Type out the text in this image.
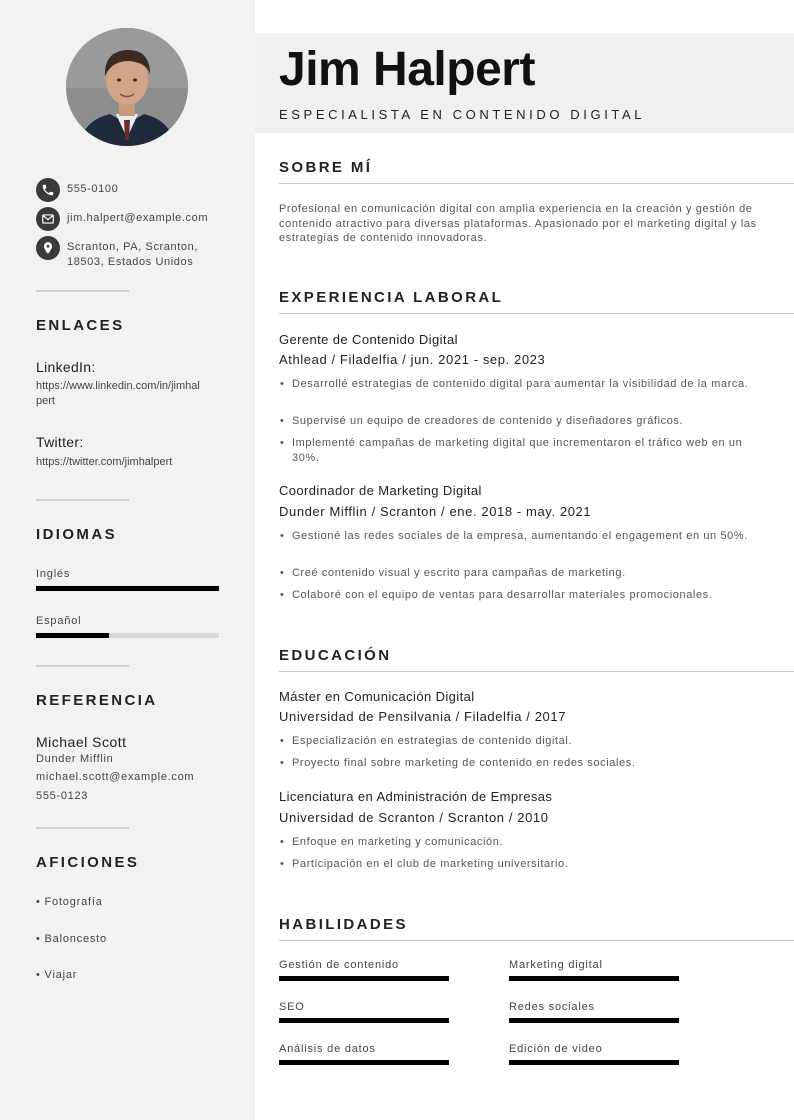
555-0100
jim.halpert@example.com
Scranton, PA, Scranton,
18503, Estados Unidos
ENLACES
LinkedIn:
https://www.linkedin.com/in/jimhal
pert
Twitter:
https://twitter.com/jimhalpert
IDIOMAS
Inglés
Español
REFERENCIA
Michael Scott
Dunder Mifflin
michael.scott@example.com
555-0123
AFICIONES
• Fotografía
• Baloncesto
• Viajar
Jim Halpert
ESPECIALISTA EN CONTENIDO DIGITAL
SOBRE MÍ
Profesional en comunicación digital con amplia experiencia en la creación y gestión de contenido atractivo para diversas plataformas. Apasionado por el marketing digital y las estrategias de contenido innovadoras.
EXPERIENCIA LABORAL
Gerente de Contenido Digital
Athlead / Filadelfia / jun. 2021 - sep. 2023
• Desarrollé estrategias de contenido digital para aumentar la visibilidad de la marca.
• Supervisé un equipo de creadores de contenido y diseñadores gráficos.
• Implementé campañas de marketing digital que incrementaron el tráfico web en un 30%.
Coordinador de Marketing Digital
Dunder Mifflin / Scranton / ene. 2018 - may. 2021
• Gestioné las redes sociales de la empresa, aumentando el engagement en un 50%.
• Creé contenido visual y escrito para campañas de marketing.
• Colaboré con el equipo de ventas para desarrollar materiales promocionales.
EDUCACIÓN
Máster en Comunicación Digital
Universidad de Pensilvania / Filadelfia / 2017
• Especialización en estrategias de contenido digital.
• Proyecto final sobre marketing de contenido en redes sociales.
Licenciatura en Administración de Empresas
Universidad de Scranton / Scranton / 2010
• Enfoque en marketing y comunicación.
• Participación en el club de marketing universitario.
HABILIDADES
Gestión de contenido	Marketing digital
SEO	Redes sociales
Análisis de datos	Edición de video
